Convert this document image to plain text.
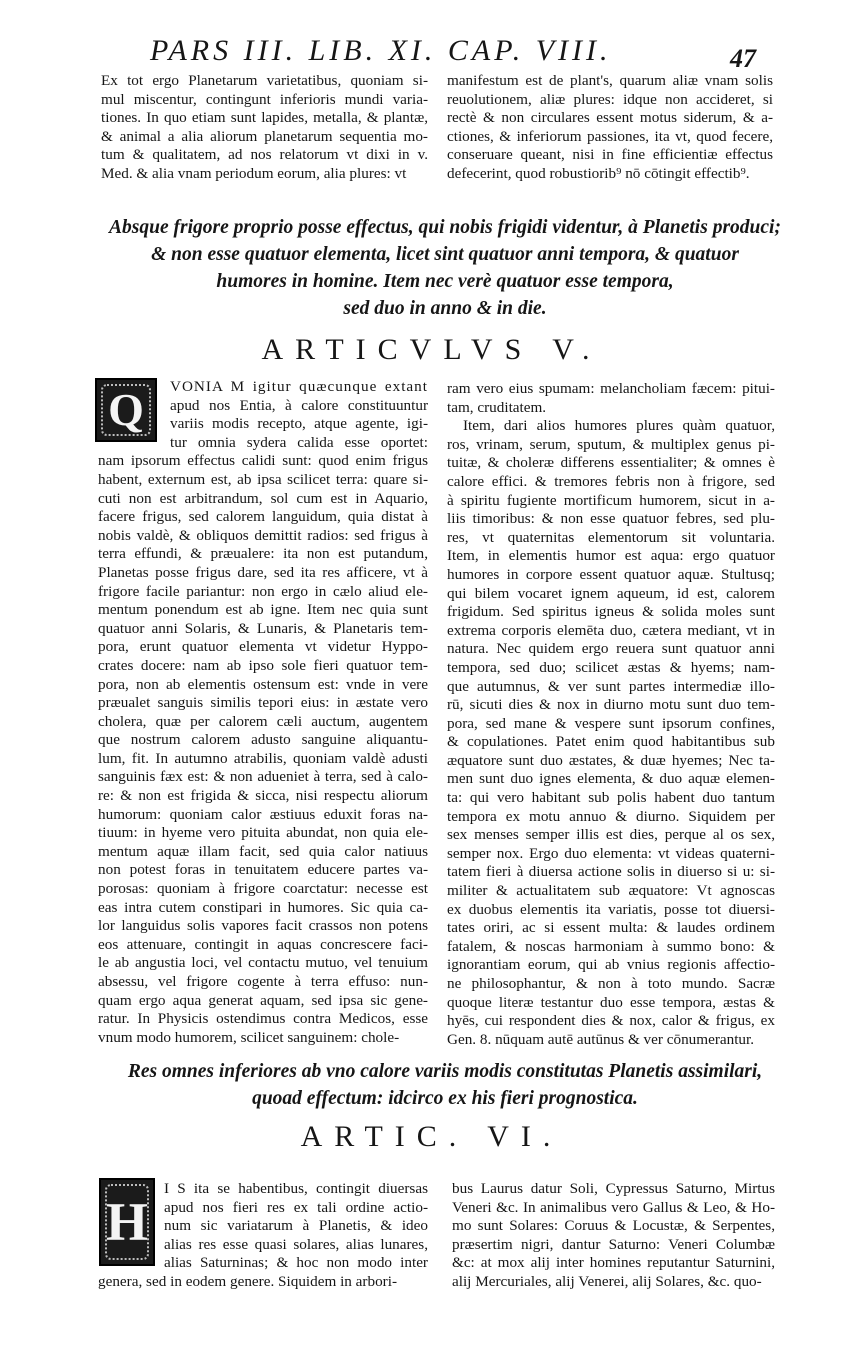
PARS III. LIB. XI. CAP. VIII.	47
Ex tot ergo Planetarum varietatibus, quoniam si-
mul miscentur, contingunt inferioris mundi varia-
tiones. In quo etiam sunt lapides, metalla, & plantæ,
& animal a alia aliorum planetarum sequentia mo-
tum & qualitatem, ad nos relatorum vt dixi in v.
Med. & alia vnam periodum eorum, alia plures: vt
manifestum est de plant's, quarum aliæ vnam solis
reuolutionem, aliæ plures: idque non accideret, si
rectè & non circulares essent motus siderum, & a-
ctiones, & inferiorum passiones, ita vt, quod fecere,
conseruare queant, nisi in fine efficientiæ effectus
defecerint, quod robustiorib⁹ nō cōtingit effectib⁹.
Absque frigore proprio posse effectus, qui nobis frigidi videntur, à Planetis produci;
& non esse quatuor elementa, licet sint quatuor anni tempora, & quatuor
humores in homine. Item nec verè quatuor esse tempora,
sed duo in anno & in die.
ARTICVLVS V.
Q	VONIA M igitur quæcunque extant
apud nos Entia, à calore constituuntur
variis modis recepto, atque agente, igi-
tur omnia sydera calida esse oportet:
nam ipsorum effectus calidi sunt: quod enim frigus
habent, externum est, ab ipsa scilicet terra: quare si-
cuti non est arbitrandum, sol cum est in Aquario,
facere frigus, sed calorem languidum, quia distat à
nobis valdè, & obliquos demittit radios: sed frigus à
terra effundi, & præualere: ita non est putandum,
Planetas posse frigus dare, sed ita res afficere, vt à
frigore facile pariantur: non ergo in cælo aliud ele-
mentum ponendum est ab igne. Item nec quia sunt
quatuor anni Solaris, & Lunaris, & Planetaris tem-
pora, erunt quatuor elementa vt videtur Hyppo-
crates docere: nam ab ipso sole fieri quatuor tem-
pora, non ab elementis ostensum est: vnde in vere
præualet sanguis similis tepori eius: in æstate vero
cholera, quæ per calorem cæli auctum, augentem
que nostrum calorem adusto sanguine aliquantu-
lum, fit. In autumno atrabilis, quoniam valdè adusti
sanguinis fæx est: & non adueniet à terra, sed à calo-
re: & non est frigida & sicca, nisi respectu aliorum
humorum: quoniam calor æstiuus eduxit foras na-
tiuum: in hyeme vero pituita abundat, non quia ele-
mentum aquæ illam facit, sed quia calor natiuus
non potest foras in tenuitatem educere partes va-
porosas: quoniam à frigore coarctatur: necesse est
eas intra cutem constipari in humores. Sic quia ca-
lor languidus solis vapores facit crassos non potens
eos attenuare, contingit in aquas concrescere faci-
le ab angustia loci, vel contactu mutuo, vel tenuium
absessu, vel frigore cogente à terra effuso: nun-
quam ergo aqua generat aquam, sed ipsa sic gene-
ratur. In Physicis ostendimus contra Medicos, esse
vnum modo humorem, scilicet sanguinem: chole-
ram vero eius spumam: melancholiam fæcem: pitui-
tam, cruditatem.
Item, dari alios humores plures quàm quatuor,
ros, vrinam, serum, sputum, & multiplex genus pi-
tuitæ, & choleræ differens essentialiter; & omnes è
calore effici. & tremores febris non à frigore, sed
à spiritu fugiente mortificum humorem, sicut in a-
liis timoribus: & non esse quatuor febres, sed plu-
res, vt quaternitas elementorum sit voluntaria.
Item, in elementis humor est aqua: ergo quatuor
humores in corpore essent quatuor aquæ. Stultusq;
qui bilem vocaret ignem aqueum, id est, calorem
frigidum. Sed spiritus igneus & solida moles sunt
extrema corporis elemēta duo, cætera mediant, vt in
natura. Nec quidem ergo reuera sunt quatuor anni
tempora, sed duo; scilicet æstas & hyems; nam-
que autumnus, & ver sunt partes intermediæ illo-
rū, sicuti dies & nox in diurno motu sunt duo tem-
pora, sed mane & vespere sunt ipsorum confines,
& copulationes. Patet enim quod habitantibus sub
æquatore sunt duo æstates, & duæ hyemes; Nec ta-
men sunt duo ignes elementa, & duo aquæ elemen-
ta: qui vero habitant sub polis habent duo tantum
tempora ex motu annuo & diurno. Siquidem per
sex menses semper illis est dies, perque al os sex,
semper nox. Ergo duo elementa: vt videas quaterni-
tatem fieri à diuersa actione solis in diuerso si u: si-
militer & actualitatem sub æquatore: Vt agnoscas
ex duobus elementis ita variatis, posse tot diuersi-
tates oriri, ac si essent multa: & laudes ordinem
fatalem, & noscas harmoniam à summo bono: &
ignorantiam eorum, qui ab vnius regionis affectio-
ne philosophantur, & non à toto mundo. Sacræ
quoque literæ testantur duo esse tempora, æstas &
hyēs, cui respondent dies & nox, calor & frigus, ex
Gen. 8. nūquam autē autūnus & ver cōnumerantur.
Res omnes inferiores ab vno calore variis modis constitutas Planetis assimilari,
quoad effectum: idcirco ex his fieri prognostica.
ARTIC. VI.
H
I S ita se habentibus, contingit diuersas
apud nos fieri res ex tali ordine actio-
num sic variatarum à Planetis, & ideo
alias res esse quasi solares, alias lunares,
alias Saturninas; & hoc non modo inter
genera, sed in eodem genere. Siquidem in arbori-
bus Laurus datur Soli, Cypressus Saturno, Mirtus
Veneri &c. In animalibus vero Gallus & Leo, & Ho-
mo sunt Solares: Coruus & Locustæ, & Serpentes,
præsertim nigri, dantur Saturno: Veneri Columbæ
&c: at mox alij inter homines reputantur Saturnini,
alij Mercuriales, alij Venerei, alij Solares, &c. quo-
